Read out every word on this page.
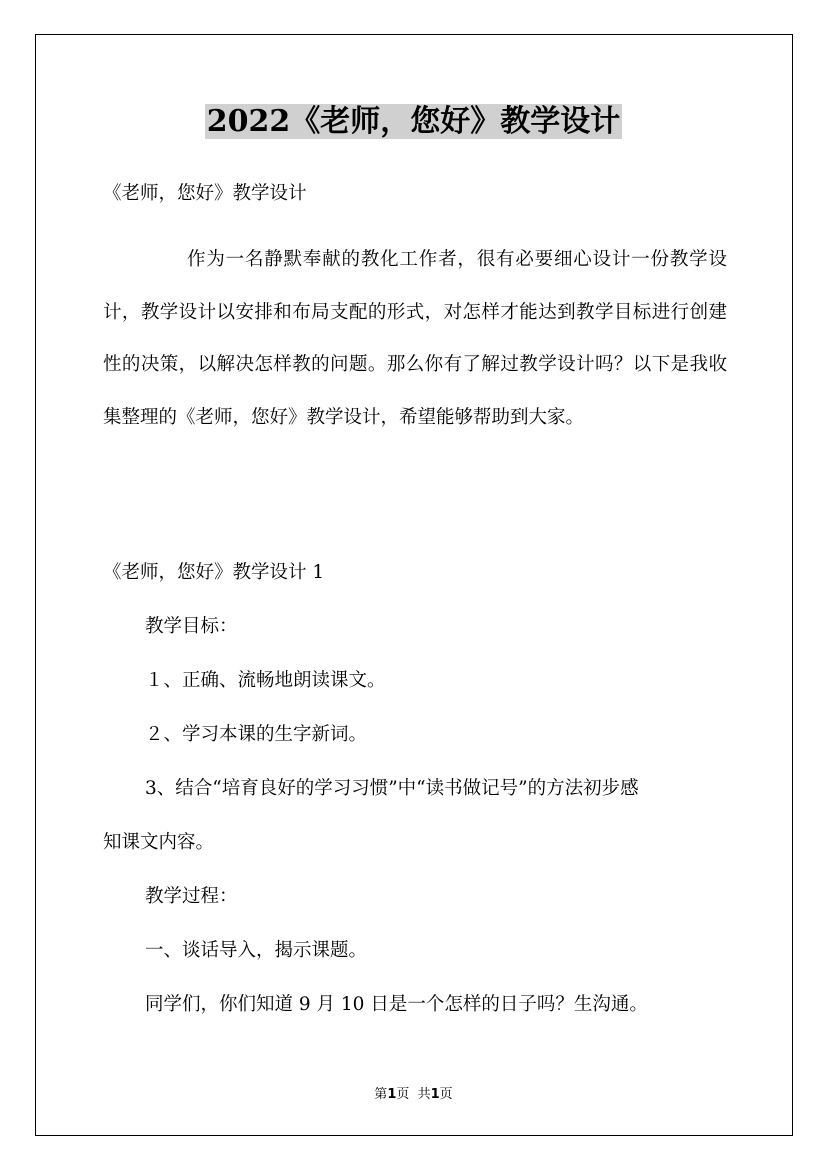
2022《老师，您好》教学设计
《老师，您好》教学设计

作为一名静默奉献的教化工作者，很有必要细心设计一份教学设计，教学设计以安排和布局支配的形式，对怎样才能达到教学目标进行创建性的决策，以解决怎样教的问题。那么你有了解过教学设计吗？以下是我收集整理的《老师，您好》教学设计，希望能够帮助到大家。

《老师，您好》教学设计 1
教学目标：
１、正确、流畅地朗读课文。
２、学习本课的生字新词。
3、结合“培育良好的学习习惯”中“读书做记号”的方法初步感
知课文内容。
教学过程：
一、谈话导入，揭示课题。
同学们，你们知道 9 月 10 日是一个怎样的日子吗？生沟通。
第1页  共1页
